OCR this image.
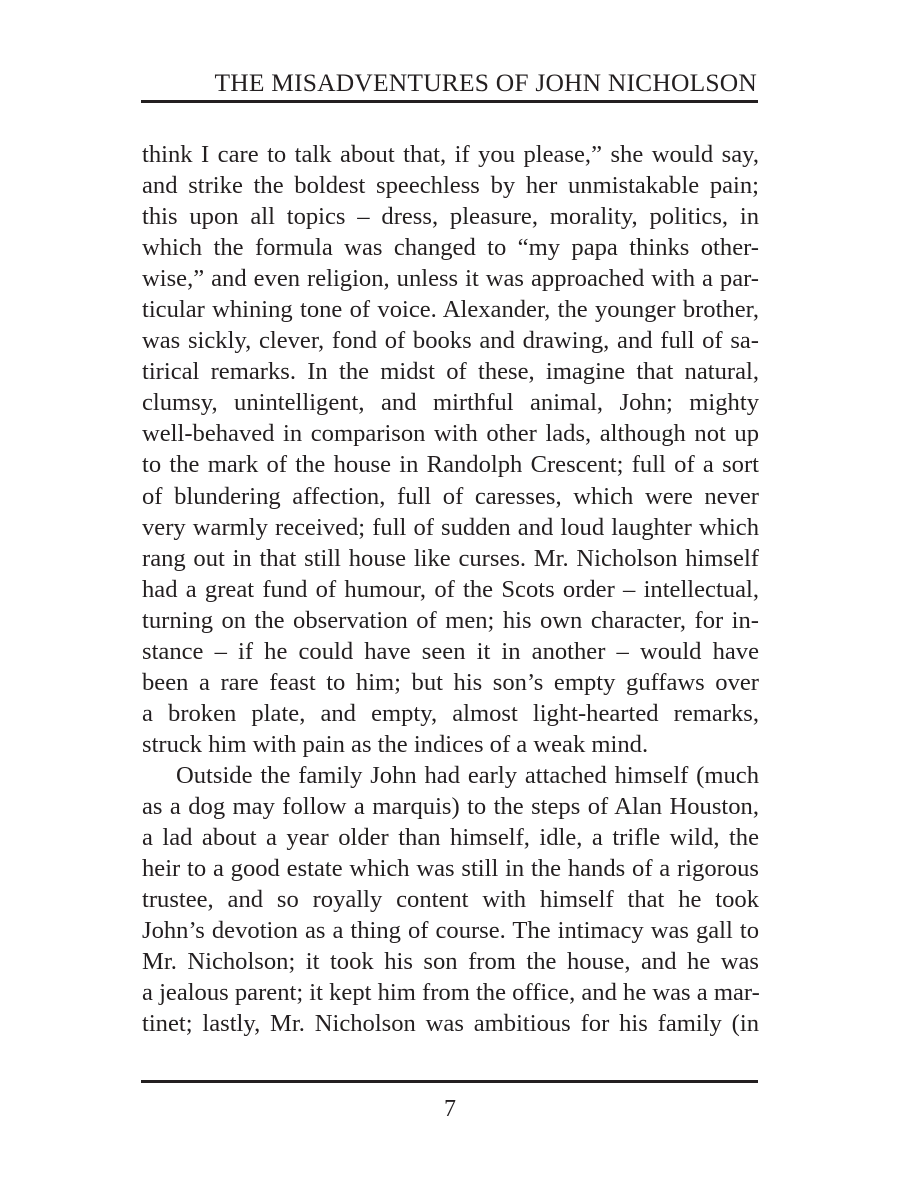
THE MISADVENTURES OF JOHN NICHOLSON
think I care to talk about that, if you please,” she would say,
and strike the boldest speechless by her unmistakable pain;
this upon all topics – dress, pleasure, morality, politics, in
which the formula was changed to “my papa thinks other-
wise,” and even religion, unless it was approached with a par-
ticular whining tone of voice. Alexander, the younger brother,
was sickly, clever, fond of books and drawing, and full of sa-
tirical remarks. In the midst of these, imagine that natural,
clumsy, unintelligent, and mirthful animal, John; mighty
well-behaved in comparison with other lads, although not up
to the mark of the house in Randolph Crescent; full of a sort
of blundering affection, full of caresses, which were never
very warmly received; full of sudden and loud laughter which
rang out in that still house like curses. Mr. Nicholson himself
had a great fund of humour, of the Scots order – intellectual,
turning on the observation of men; his own character, for in-
stance – if he could have seen it in another – would have
been a rare feast to him; but his son’s empty guffaws over
a broken plate, and empty, almost light-hearted remarks,
struck him with pain as the indices of a weak mind.
Outside the family John had early attached himself (much
as a dog may follow a marquis) to the steps of Alan Houston,
a lad about a year older than himself, idle, a trifle wild, the
heir to a good estate which was still in the hands of a rigorous
trustee, and so royally content with himself that he took
John’s devotion as a thing of course. The intimacy was gall to
Mr. Nicholson; it took his son from the house, and he was
a jealous parent; it kept him from the office, and he was a mar-
tinet; lastly, Mr. Nicholson was ambitious for his family (in
7
